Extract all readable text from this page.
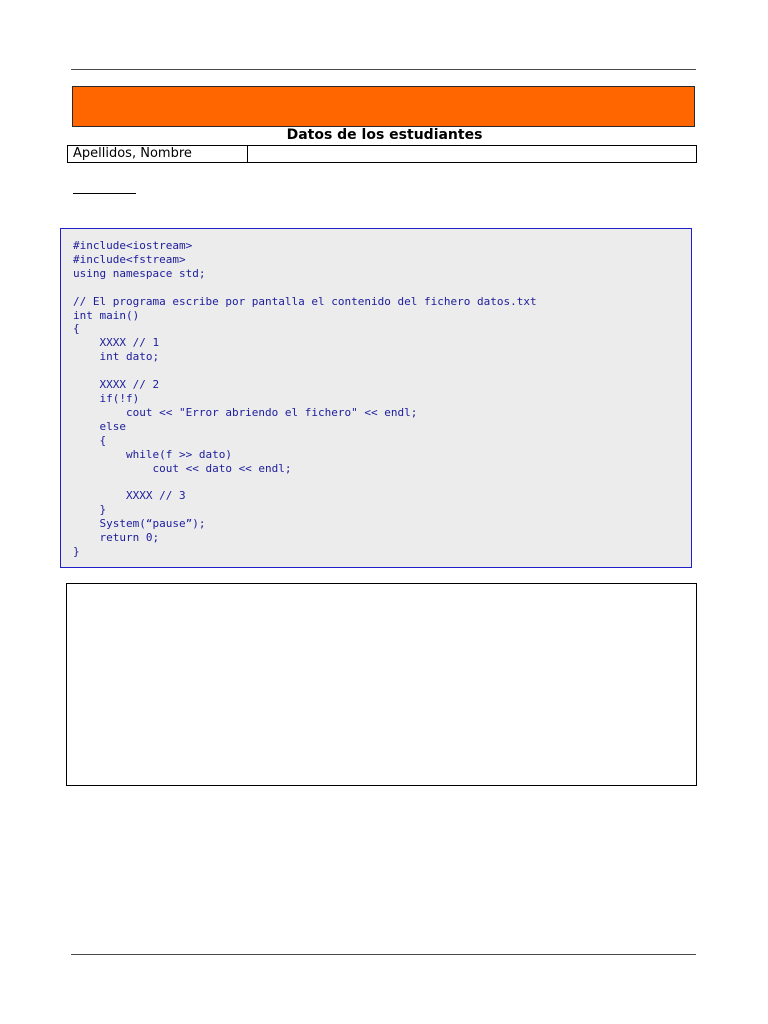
Datos de los estudiantes
Apellidos, Nombre
#include<iostream>
#include<fstream>
using namespace std;

// El programa escribe por pantalla el contenido del fichero datos.txt
int main()
{
XXXX // 1
int dato;

XXXX // 2
if(!f)
cout << "Error abriendo el fichero" << endl;
else
{
while(f >> dato)
cout << dato << endl;

XXXX // 3
}
System(“pause”);
return 0;
}
